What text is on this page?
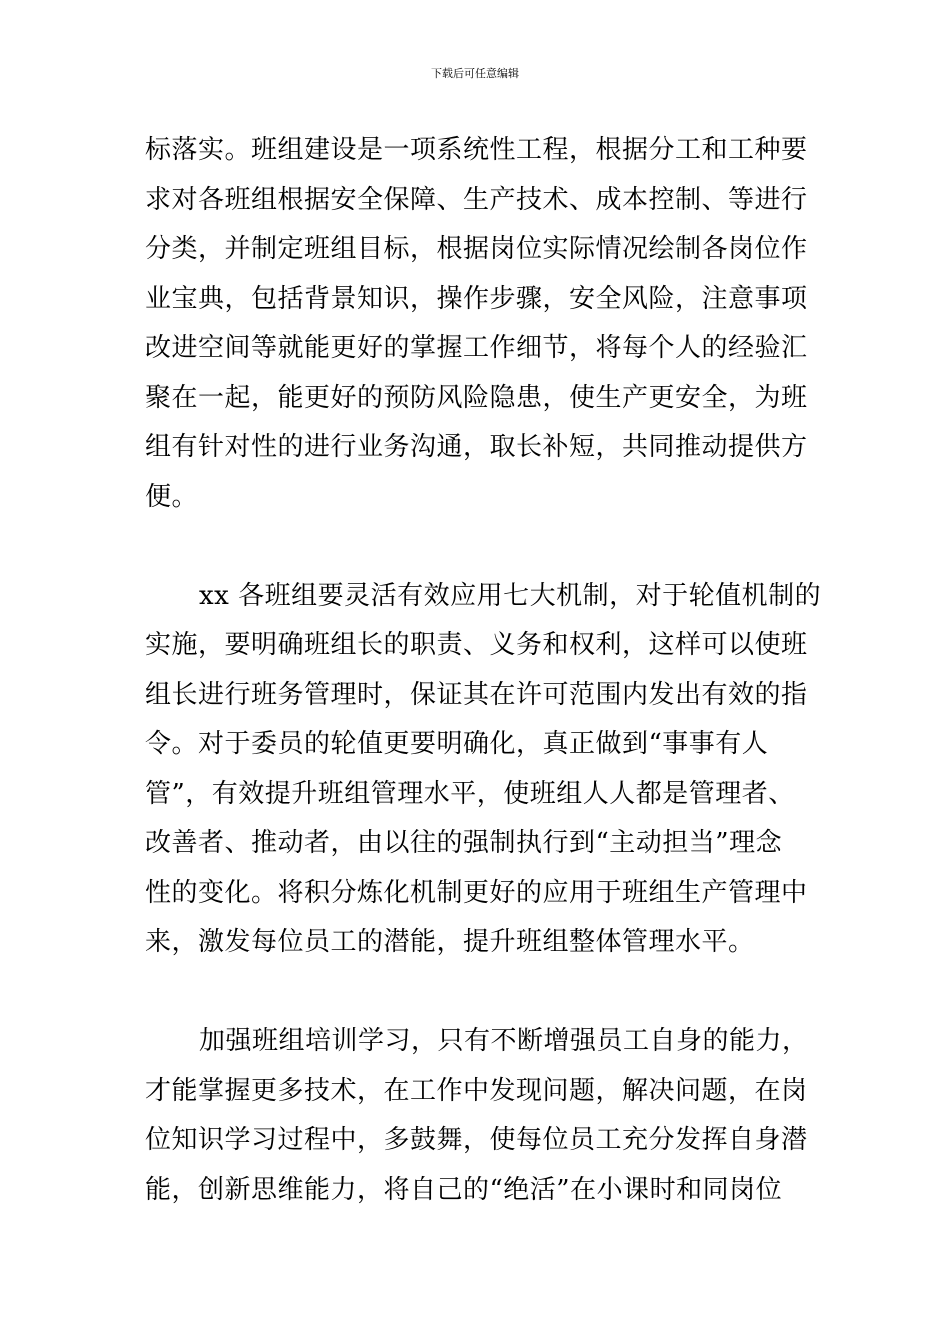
下载后可任意编辑
标落实。班组建设是一项系统性工程，根据分工和工种要
求对各班组根据安全保障、生产技术、成本控制、等进行
分类，并制定班组目标，根据岗位实际情况绘制各岗位作
业宝典，包括背景知识，操作步骤，安全风险，注意事项
改进空间等就能更好的掌握工作细节，将每个人的经验汇
聚在一起，能更好的预防风险隐患，使生产更安全，为班
组有针对性的进行业务沟通，取长补短，共同推动提供方
便。
xx 各班组要灵活有效应用七大机制，对于轮值机制的
实施，要明确班组长的职责、义务和权利，这样可以使班
组长进行班务管理时，保证其在许可范围内发出有效的指
令。对于委员的轮值更要明确化，真正做到“事事有人
管”，有效提升班组管理水平，使班组人人都是管理者、
改善者、推动者，由以往的强制执行到“主动担当”理念
性的变化。将积分炼化机制更好的应用于班组生产管理中
来，激发每位员工的潜能，提升班组整体管理水平。
加强班组培训学习，只有不断增强员工自身的能力，
才能掌握更多技术，在工作中发现问题，解决问题，在岗
位知识学习过程中，多鼓舞，使每位员工充分发挥自身潜
能，创新思维能力，将自己的“绝活”在小课时和同岗位
